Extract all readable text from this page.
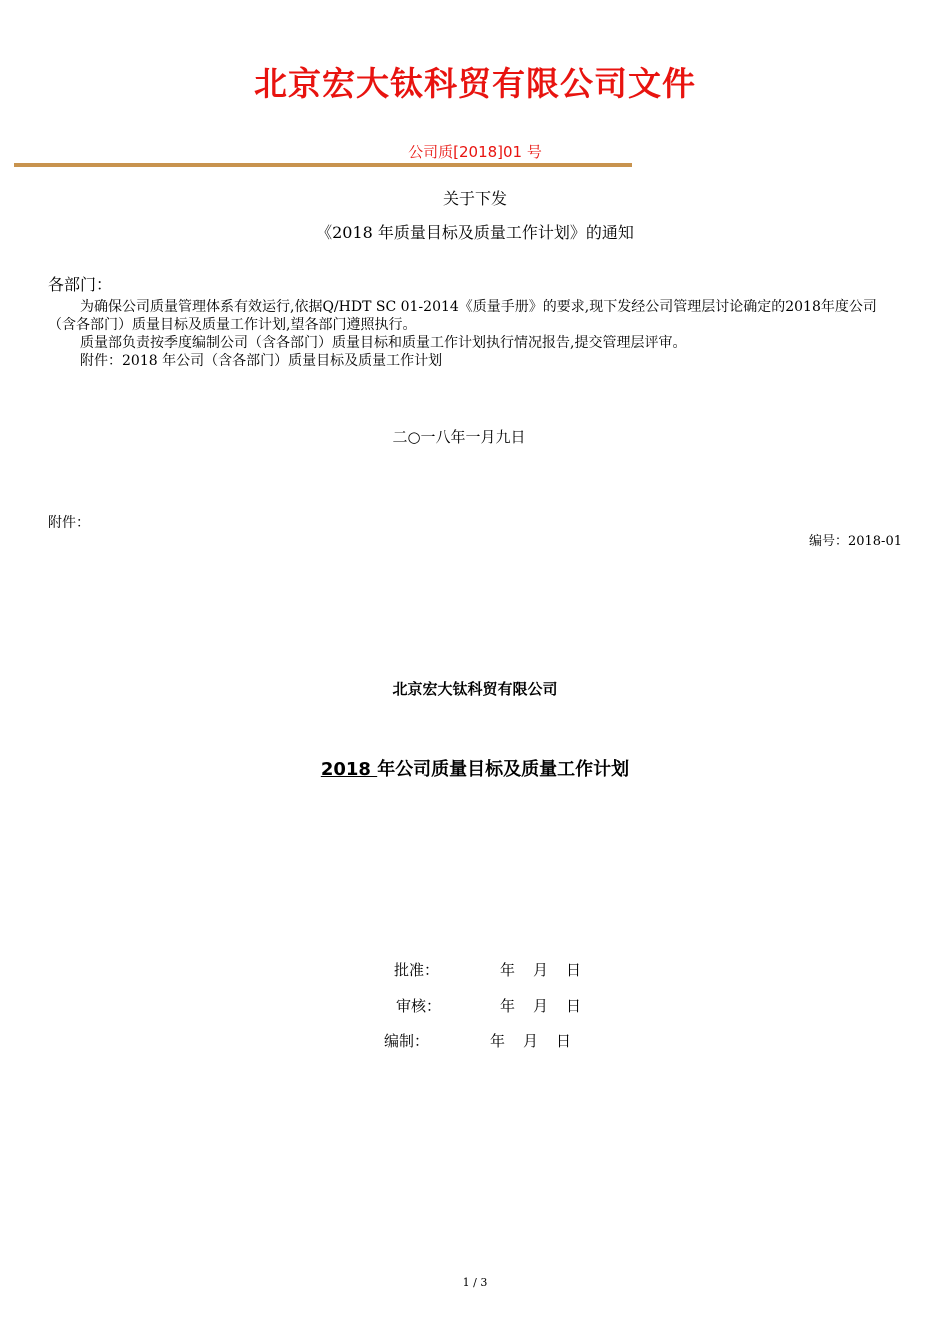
北京宏大钛科贸有限公司文件
公司质[2018]01 号
关于下发
《2018 年质量目标及质量工作计划》的通知
各部门：

为确保公司质量管理体系有效运行,依据Q/HDT SC 01-2014《质量手册》的要求,现下发经公司管理层讨论确定的2018年度公司（含各部门）质量目标及质量工作计划,望各部门遵照执行。

质量部负责按季度编制公司（含各部门）质量目标和质量工作计划执行情况报告,提交管理层评审。

附件：2018 年公司（含各部门）质量目标及质量工作计划

二○一八年一月九日
附件：
编号：2018-01
北京宏大钛科贸有限公司
2018 年公司质量目标及质量工作计划
批准：	年 月 日
审核：	年 月 日
编制：	年 月 日
1 / 3
